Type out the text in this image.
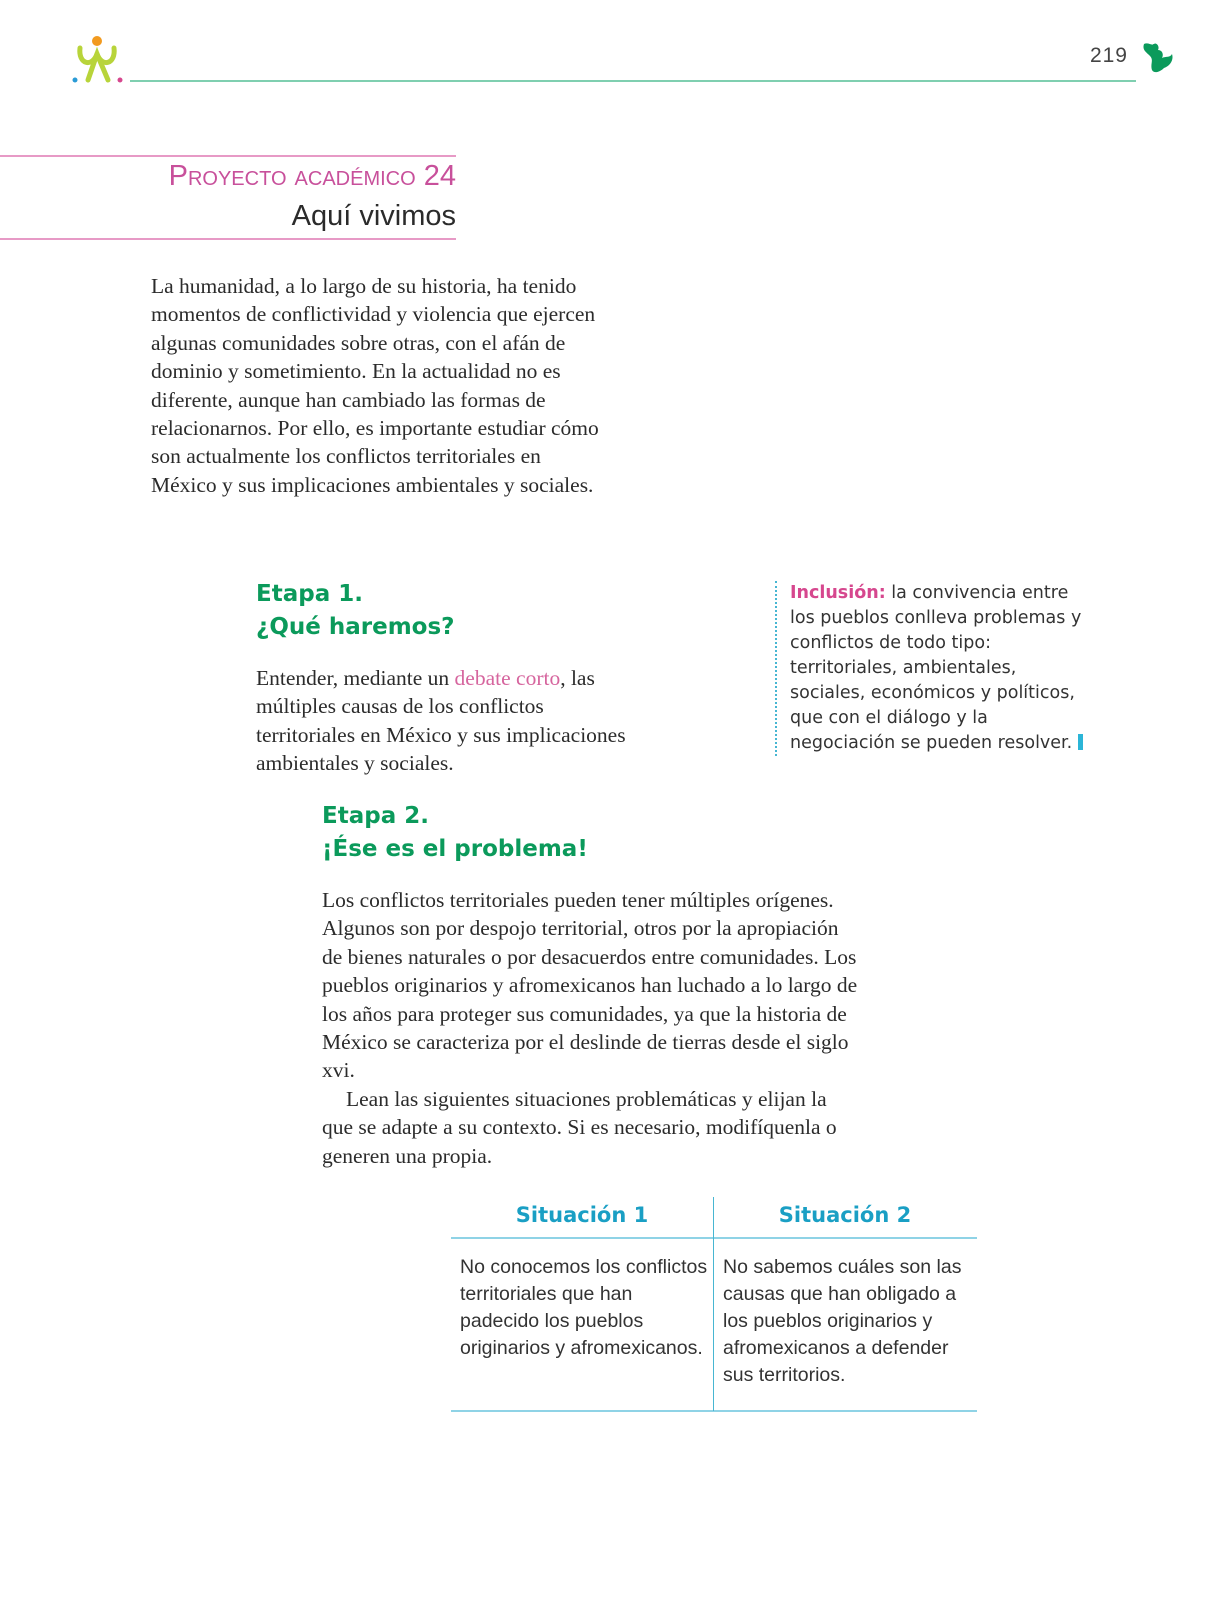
219
Proyecto académico 24
Aquí vivimos

La humanidad, a lo largo de su historia, ha tenido momentos de conflictividad y violencia que ejercen algunas comunidades sobre otras, con el afán de dominio y sometimiento. En la actualidad no es diferente, aunque han cambiado las formas de relacionarnos. Por ello, es importante estudiar cómo son actualmente los conflictos territoriales en México y sus implicaciones ambientales y sociales.

Etapa 1.
¿Qué haremos?

Entender, mediante un debate corto, las múltiples causas de los conflictos territoriales en México y sus implicaciones ambientales y sociales.

Inclusión: la convivencia entre los pueblos conlleva problemas y conflictos de todo tipo: territoriales, ambientales, sociales, económicos y políticos, que con el diálogo y la negociación se pueden resolver.

Etapa 2.
¡Ése es el problema!

Los conflictos territoriales pueden tener múltiples orígenes. Algunos son por despojo territorial, otros por la apropiación de bienes naturales o por desacuerdos entre comunidades. Los pueblos originarios y afromexicanos han luchado a lo largo de los años para proteger sus comunidades, ya que la historia de México se caracteriza por el deslinde de tierras desde el siglo xvi.
Lean las siguientes situaciones problemáticas y elijan la que se adapte a su contexto. Si es necesario, modifíquenla o generen una propia.

Situación 1

No conocemos los conflictos territoriales que han padecido los pueblos originarios y afromexicanos.

Situación 2

No sabemos cuáles son las causas que han obligado a los pueblos originarios y afromexicanos a defender sus territorios.
